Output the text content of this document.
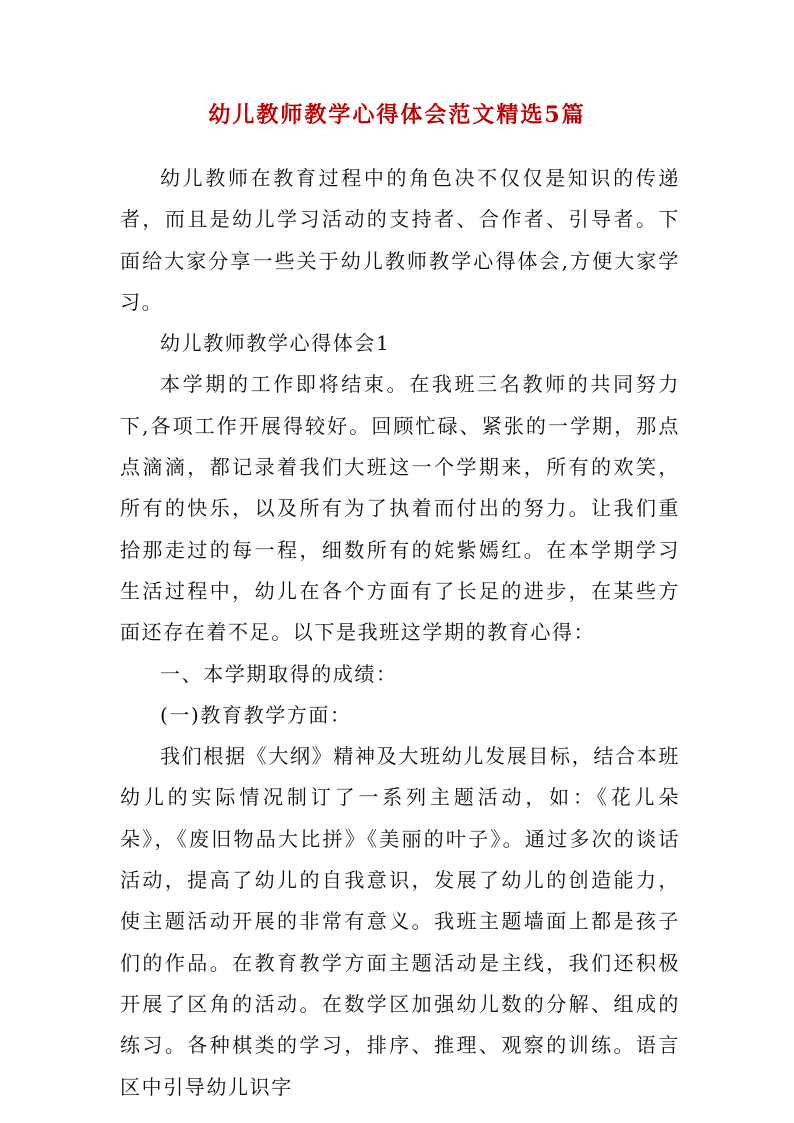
幼儿教师教学心得体会范文精选5篇

幼儿教师在教育过程中的角色决不仅仅是知识的传递者，而且是幼儿学习活动的支持者、合作者、引导者。下面给大家分享一些关于幼儿教师教学心得体会,方便大家学习。

幼儿教师教学心得体会1

本学期的工作即将结束。在我班三名教师的共同努力下,各项工作开展得较好。回顾忙碌、紧张的一学期，那点点滴滴，都记录着我们大班这一个学期来，所有的欢笑，所有的快乐，以及所有为了执着而付出的努力。让我们重拾那走过的每一程，细数所有的姹紫嫣红。在本学期学习生活过程中，幼儿在各个方面有了长足的进步，在某些方面还存在着不足。以下是我班这学期的教育心得：

一、本学期取得的成绩：

(一)教育教学方面：

我们根据《大纲》精神及大班幼儿发展目标，结合本班幼儿的实际情况制订了一系列主题活动，如：《花儿朵朵》，《废旧物品大比拼》《美丽的叶子》。通过多次的谈话活动，提高了幼儿的自我意识，发展了幼儿的创造能力，使主题活动开展的非常有意义。我班主题墙面上都是孩子们的作品。在教育教学方面主题活动是主线，我们还积极开展了区角的活动。在数学区加强幼儿数的分解、组成的练习。各种棋类的学习，排序、推理、观察的训练。语言区中引导幼儿识字
